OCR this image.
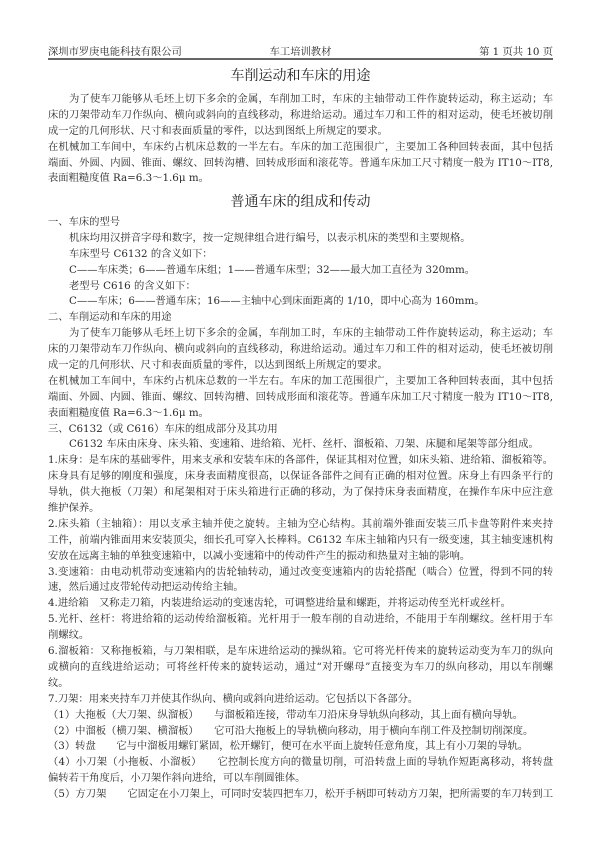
深圳市罗庚电能科技有限公司	车工培训教材	第 1 页共 10 页
车削运动和车床的用途
为了使车刀能够从毛坯上切下多余的金属，车削加工时，车床的主轴带动工件作旋转运动，称主运动；车
床的刀架带动车刀作纵向、横向或斜向的直线移动，称进给运动。通过车刀和工件的相对运动，使毛坯被切削
成一定的几何形状、尺寸和表面质量的零件，以达到图纸上所规定的要求。
在机械加工车间中，车床约占机床总数的一半左右。车床的加工范围很广，主要加工各种回转表面，其中包括
端面、外圆、内圆、锥面、螺纹、回转沟槽、回转成形面和滚花等。普通车床加工尺寸精度一般为 IT10～IT8,
表面粗糙度值 Ra=6.3～1.6μ m。
普通车床的组成和传动
一、车床的型号
机床均用汉拼音字母和数字，按一定规律组合进行编号，以表示机床的类型和主要规格。
车床型号 C6132 的含义如下：
C——车床类；6——普通车床组；1——普通车床型；32——最大加工直径为 320mm。
老型号 C616 的含义如下：
C——车床；6——普通车床；16——主轴中心到床面距离的 1/10，即中心高为 160mm。
二、车削运动和车床的用途
为了使车刀能够从毛坯上切下多余的金属，车削加工时，车床的主轴带动工件作旋转运动，称主运动；车
床的刀架带动车刀作纵向、横向或斜向的直线移动，称进给运动。通过车刀和工件的相对运动，使毛坯被切削
成一定的几何形状、尺寸和表面质量的零件，以达到图纸上所规定的要求。
在机械加工车间中，车床约占机床总数的一半左右。车床的加工范围很广，主要加工各种回转表面，其中包括
端面、外圆、内圆、锥面、螺纹、回转沟槽、回转成形面和滚花等。普通车床加工尺寸精度一般为 IT10～IT8,
表面粗糙度值 Ra=6.3～1.6μ m。
三、C6132（或 C616）车床的组成部分及其功用
C6132 车床由床身、床头箱、变速箱、进给箱、光杆、丝杆、溜板箱、刀架、床腿和尾架等部分组成。
1.床身：是车床的基础零件，用来支承和安装车床的各部件，保证其相对位置，如床头箱、进给箱、溜板箱等。
床身具有足够的刚度和强度，床身表面精度很高，以保证各部件之间有正确的相对位置。床身上有四条平行的
导轨，供大拖板（刀架）和尾架相对于床头箱进行正确的移动，为了保持床身表面精度，在操作车床中应注意
维护保养。
2.床头箱（主轴箱）：用以支承主轴并使之旋转。主轴为空心结构。其前端外锥面安装三爪卡盘等附件来夹持
工件，前端内锥面用来安装顶尖，细长孔可穿入长棒料。C6132 车床主轴箱内只有一级变速，其主轴变速机构
安放在远离主轴的单独变速箱中，以减小变速箱中的传动件产生的振动和热量对主轴的影响。
3.变速箱：由电动机带动变速箱内的齿轮轴转动，通过改变变速箱内的齿轮搭配（啮合）位置，得到不同的转
速，然后通过皮带轮传动把运动传给主轴。
4.进给箱　又称走刀箱，内装进给运动的变速齿轮，可调整进给量和螺距，并将运动传至光杆或丝杆。
5.光杆、丝杆：将进给箱的运动传给溜板箱。光杆用于一般车削的自动进给，不能用于车削螺纹。丝杆用于车
削螺纹。
6.溜板箱：又称拖板箱，与刀架相联，是车床进给运动的操纵箱。它可将光杆传来的旋转运动变为车刀的纵向
或横向的直线进给运动；可将丝杆传来的旋转运动，通过“对开螺母”直接变为车刀的纵向移动，用以车削螺
纹。
7.刀架：用来夹持车刀并使其作纵向、横向或斜向进给运动。它包括以下各部分。
（1）大拖板（大刀架、纵溜板）　　与溜板箱连接，带动车刀沿床身导轨纵向移动，其上面有横向导轨。
（2）中溜板（横刀架、横溜板）　　它可沿大拖板上的导轨横向移动，用于横向车削工件及控制切削深度。
（3）转盘　　它与中溜板用螺钉紧固，松开螺钉，便可在水平面上旋转任意角度，其上有小刀架的导轨。
（4）小刀架（小拖板、小溜板）　　它控制长度方向的微量切削，可沿转盘上面的导轨作短距离移动，将转盘
偏转若干角度后，小刀架作斜向进给，可以车削圆锥体。
（5）方刀架　　它固定在小刀架上，可同时安装四把车刀，松开手柄即可转动方刀架，把所需要的车刀转到工
